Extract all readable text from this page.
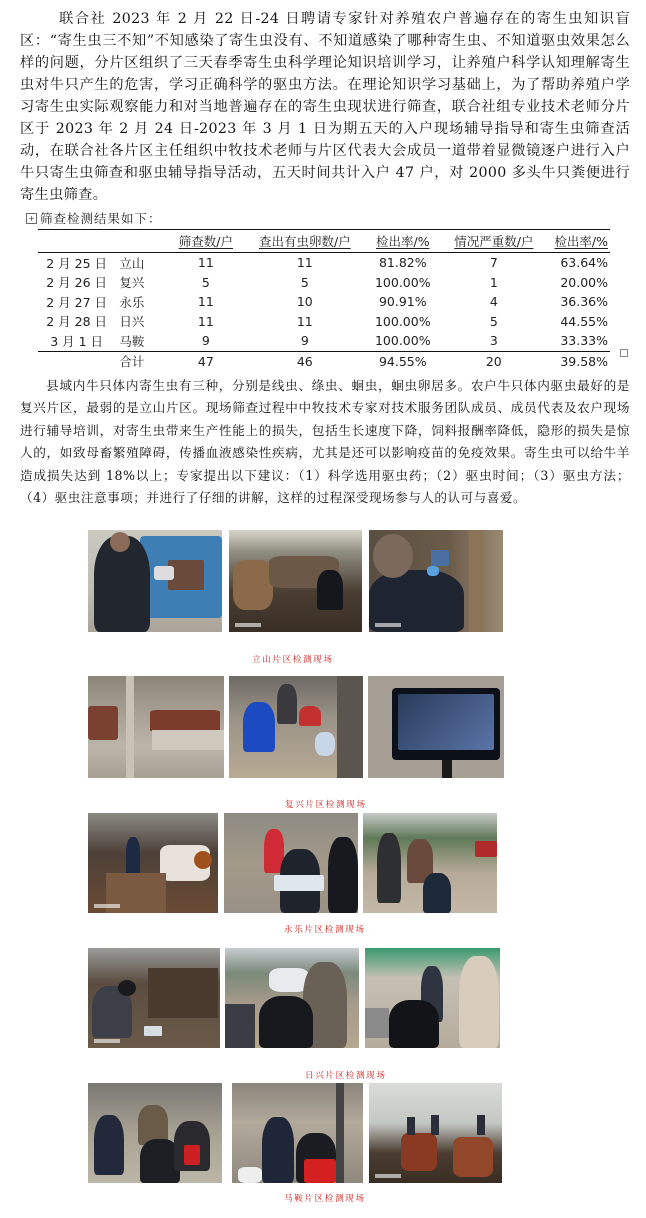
联合社 2023 年 2 月 22 日-24 日聘请专家针对养殖农户普遍存在的寄生虫知识盲区：“寄生虫三不知”不知感染了寄生虫没有、不知道感染了哪种寄生虫、不知道驱虫效果怎么样的问题，分片区组织了三天春季寄生虫科学理论知识培训学习，让养殖户科学认知理解寄生虫对牛只产生的危害，学习正确科学的驱虫方法。在理论知识学习基础上，为了帮助养殖户学习寄生虫实际观察能力和对当地普遍存在的寄生虫现状进行筛查，联合社组专业技术老师分片区于 2023 年 2 月 24 日-2023 年 3 月 1 日为期五天的入户现场辅导指导和寄生虫筛查活动，在联合社各片区主任组织中牧技术老师与片区代表大会成员一道带着显微镜逐户进行入户牛只寄生虫筛查和驱虫辅导指导活动，五天时间共计入户 47 户，对 2000 多头牛只粪便进行寄生虫筛查。

+ 筛查检测结果如下：
		筛查数/户	查出有虫卵数/户	检出率/%	情况严重数/户	检出率/%
2 月 25 日	立山	11	11	81.82%	7	63.64%
2 月 26 日	复兴	5	5	100.00%	1	20.00%
2 月 27 日	永乐	11	10	90.91%	4	36.36%
2 月 28 日	日兴	11	11	100.00%	5	44.55%
3 月 1 日	马鞍	9	9	100.00%	3	33.33%
	合计	47	46	94.55%	20	39.58%

县域内牛只体内寄生虫有三种，分别是线虫、绦虫、蛔虫，蛔虫卵居多。农户牛只体内驱虫最好的是复兴片区，最弱的是立山片区。现场筛查过程中中牧技术专家对技术服务团队成员、成员代表及农户现场进行辅导培训，对寄生虫带来生产性能上的损失，包括生长速度下降，饲料报酬率降低，隐形的损失是惊人的，如致母畜繁殖障碍，传播血液感染性疾病，尤其是还可以影响疫苗的免疫效果。寄生虫可以给牛羊造成损失达到 18%以上；专家提出以下建议：（1）科学选用驱虫药；（2）驱虫时间；（3）驱虫方法；（4）驱虫注意事项；并进行了仔细的讲解，这样的过程深受现场参与人的认可与喜爱。

立山片区检测现场
复兴片区检测现场
永乐片区检测现场
日兴片区检测现场
马鞍片区检测现场
